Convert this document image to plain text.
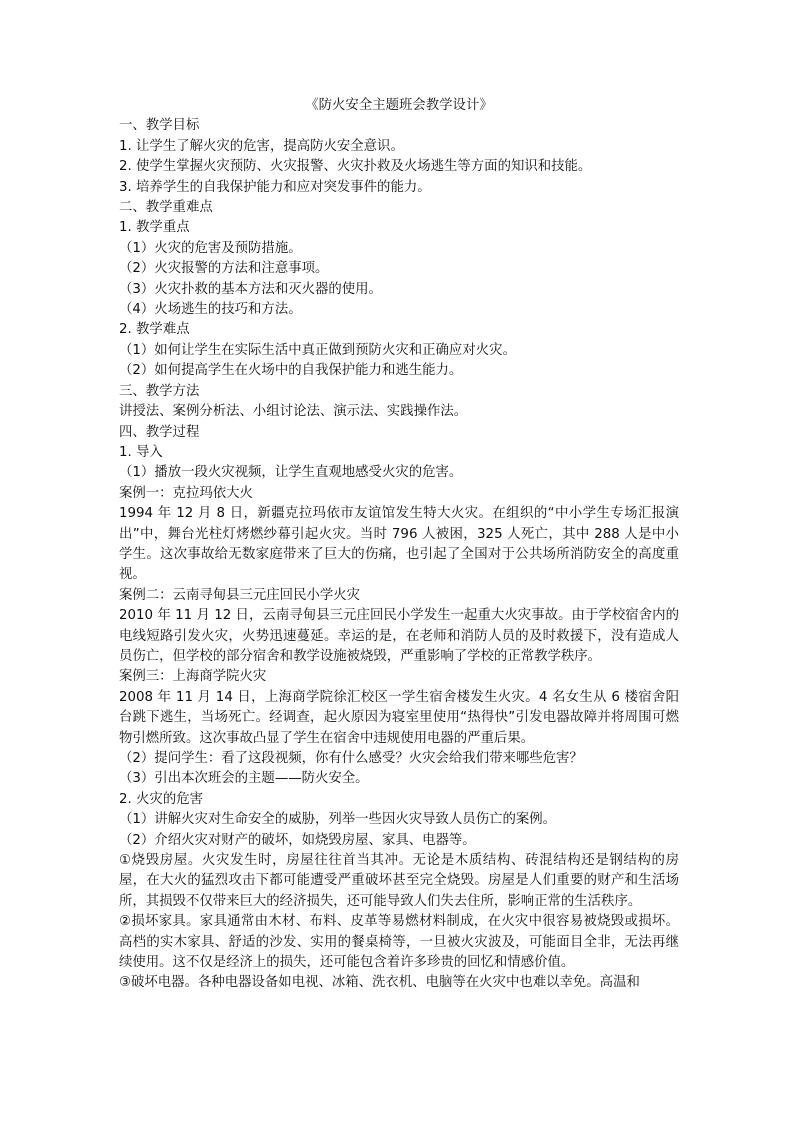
《防火安全主题班会教学设计》
一、教学目标
1. 让学生了解火灾的危害，提高防火安全意识。
2. 使学生掌握火灾预防、火灾报警、火灾扑救及火场逃生等方面的知识和技能。
3. 培养学生的自我保护能力和应对突发事件的能力。
二、教学重难点
1. 教学重点
（1）火灾的危害及预防措施。
（2）火灾报警的方法和注意事项。
（3）火灾扑救的基本方法和灭火器的使用。
（4）火场逃生的技巧和方法。
2. 教学难点
（1）如何让学生在实际生活中真正做到预防火灾和正确应对火灾。
（2）如何提高学生在火场中的自我保护能力和逃生能力。
三、教学方法
讲授法、案例分析法、小组讨论法、演示法、实践操作法。
四、教学过程
1. 导入
（1）播放一段火灾视频，让学生直观地感受火灾的危害。
案例一：克拉玛依大火
1994 年 12 月 8 日，新疆克拉玛依市友谊馆发生特大火灾。在组织的“中小学生专场汇报演出”中，舞台光柱灯烤燃纱幕引起火灾。当时 796 人被困，325 人死亡，其中 288 人是中小学生。这次事故给无数家庭带来了巨大的伤痛，也引起了全国对于公共场所消防安全的高度重视。
案例二：云南寻甸县三元庄回民小学火灾
2010 年 11 月 12 日，云南寻甸县三元庄回民小学发生一起重大火灾事故。由于学校宿舍内的电线短路引发火灾，火势迅速蔓延。幸运的是，在老师和消防人员的及时救援下，没有造成人员伤亡，但学校的部分宿舍和教学设施被烧毁，严重影响了学校的正常教学秩序。
案例三：上海商学院火灾
2008 年 11 月 14 日，上海商学院徐汇校区一学生宿舍楼发生火灾。4 名女生从 6 楼宿舍阳台跳下逃生，当场死亡。经调查，起火原因为寝室里使用“热得快”引发电器故障并将周围可燃物引燃所致。这次事故凸显了学生在宿舍中违规使用电器的严重后果。
（2）提问学生：看了这段视频，你有什么感受？火灾会给我们带来哪些危害？
（3）引出本次班会的主题——防火安全。
2. 火灾的危害
（1）讲解火灾对生命安全的威胁，列举一些因火灾导致人员伤亡的案例。
（2）介绍火灾对财产的破坏，如烧毁房屋、家具、电器等。
①烧毁房屋。火灾发生时，房屋往往首当其冲。无论是木质结构、砖混结构还是钢结构的房屋，在大火的猛烈攻击下都可能遭受严重破坏甚至完全烧毁。房屋是人们重要的财产和生活场所，其损毁不仅带来巨大的经济损失，还可能导致人们失去住所，影响正常的生活秩序。
②损坏家具。家具通常由木材、布料、皮革等易燃材料制成，在火灾中很容易被烧毁或损坏。高档的实木家具、舒适的沙发、实用的餐桌椅等，一旦被火灾波及，可能面目全非，无法再继续使用。这不仅是经济上的损失，还可能包含着许多珍贵的回忆和情感价值。
③破坏电器。各种电器设备如电视、冰箱、洗衣机、电脑等在火灾中也难以幸免。高温和
